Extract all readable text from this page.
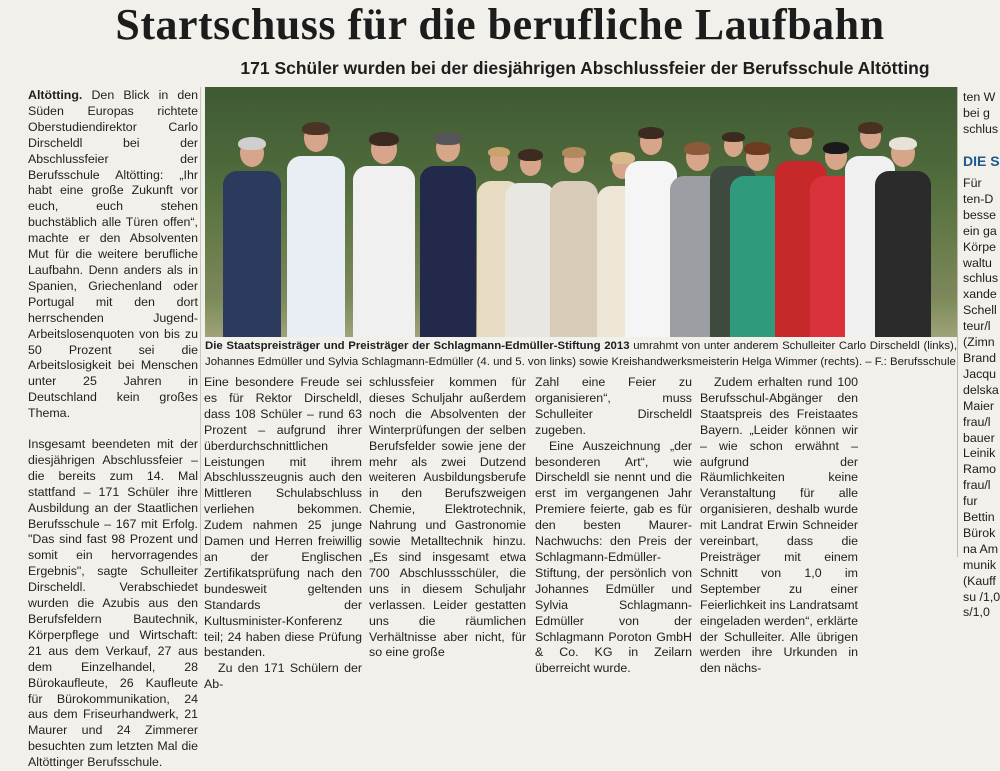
Startschuss für die berufliche Laufbahn
171 Schüler wurden bei der diesjährigen Abschlussfeier der Berufsschule Altötting

Altötting. Den Blick in den Süden Europas richtete Oberstudiendirektor Carlo Dirscheldl bei der Abschlussfeier der Berufsschule Altötting: „Ihr habt eine große Zukunft vor euch, euch stehen buchstäblich alle Türen offen“, machte er den Absolventen Mut für die weitere berufliche Laufbahn. Denn anders als in Spanien, Griechenland oder Portugal mit den dort herrschenden Jugend-Arbeitslosenquoten von bis zu 50 Prozent sei die Arbeitslosigkeit bei Menschen unter 25 Jahren in Deutschland kein großes Thema.

Insgesamt beendeten mit der diesjährigen Abschlussfeier – die bereits zum 14. Mal stattfand – 171 Schüler ihre Ausbildung an der Staatlichen Berufsschule – 167 mit Erfolg. "Das sind fast 98 Prozent und somit ein hervorragendes Ergebnis", sagte Schulleiter Dirscheldl. Verabschiedet wurden die Azubis aus den Berufsfeldern Bautechnik, Körperpflege und Wirtschaft: 21 aus dem Verkauf, 27 aus dem Einzelhandel, 28 Bürokaufleute, 26 Kaufleute für Bürokommunikation, 24 aus dem Friseurhandwerk, 21 Maurer und 24 Zimmerer besuchten zum letzten Mal die Altöttinger Berufsschule.

Die Staatspreisträger und Preisträger der Schlagmann-Edmüller-Stiftung 2013 umrahmt von unter anderem Schulleiter Carlo Dirscheldl (links), Johannes Edmüller und Sylvia Schlagmann-Edmüller (4. und 5. von links) sowie Kreishandwerksmeisterin Helga Wimmer (rechts). – F.: Berufsschule

Eine besondere Freude sei es für Rektor Dirscheldl, dass 108 Schüler – rund 63 Prozent – aufgrund ihrer überdurchschnittlichen Leistungen mit ihrem Abschlusszeugnis auch den Mittleren Schulabschluss verliehen bekommen. Zudem nahmen 25 junge Damen und Herren freiwillig an der Englischen Zertifikatsprüfung nach den bundesweit geltenden Standards der Kultusminister-Konferenz teil; 24 haben diese Prüfung bestanden.

Zu den 171 Schülern der Ab-

schlussfeier kommen für dieses Schuljahr außerdem noch die Absolventen der Winterprüfungen der selben Berufsfelder sowie jene der mehr als zwei Dutzend weiteren Ausbildungsberufe in den Berufszweigen Chemie, Elektrotechnik, Nahrung und Gastronomie sowie Metalltechnik hinzu. „Es sind insgesamt etwa 700 Abschlussschüler, die uns in diesem Schuljahr verlassen. Leider gestatten uns die räumlichen Verhältnisse aber nicht, für so eine große

Zahl eine Feier zu organisieren“, muss Schulleiter Dirscheldl zugeben.

Eine Auszeichnung „der besonderen Art“, wie Dirscheldl sie nennt und die erst im vergangenen Jahr Premiere feierte, gab es für den besten Maurer-Nachwuchs: den Preis der Schlagmann-Edmüller-Stiftung, der persönlich von Johannes Edmüller und Sylvia Schlagmann-Edmüller von der Schlagmann Poroton GmbH & Co. KG in Zeilarn überreicht wurde.

Zudem erhalten rund 100 Berufsschul-Abgänger den Staatspreis des Freistaates Bayern. „Leider können wir – wie schon erwähnt – aufgrund der Räumlichkeiten keine Veranstaltung für alle organisieren, deshalb wurde mit Landrat Erwin Schneider vereinbart, dass die Preisträger mit einem Schnitt von 1,0 im September zu einer Feierlichkeit ins Landratsamt eingeladen werden“, erklärte der Schulleiter. Alle übrigen werden ihre Urkunden in den nächs-

ten W
bei g
schlus
DIE S
Für
ten-D
besse
ein ga
Körpe
waltu
schlus
xande
Schell
teur/l
(Zimn
Brand
Jacqu
delska
Maier
frau/l
bauer
Leinik
Ramo
frau/l
fur
Bettin
Bürok
na Am
munik
(Kauff
su /1,0
s/1,0
